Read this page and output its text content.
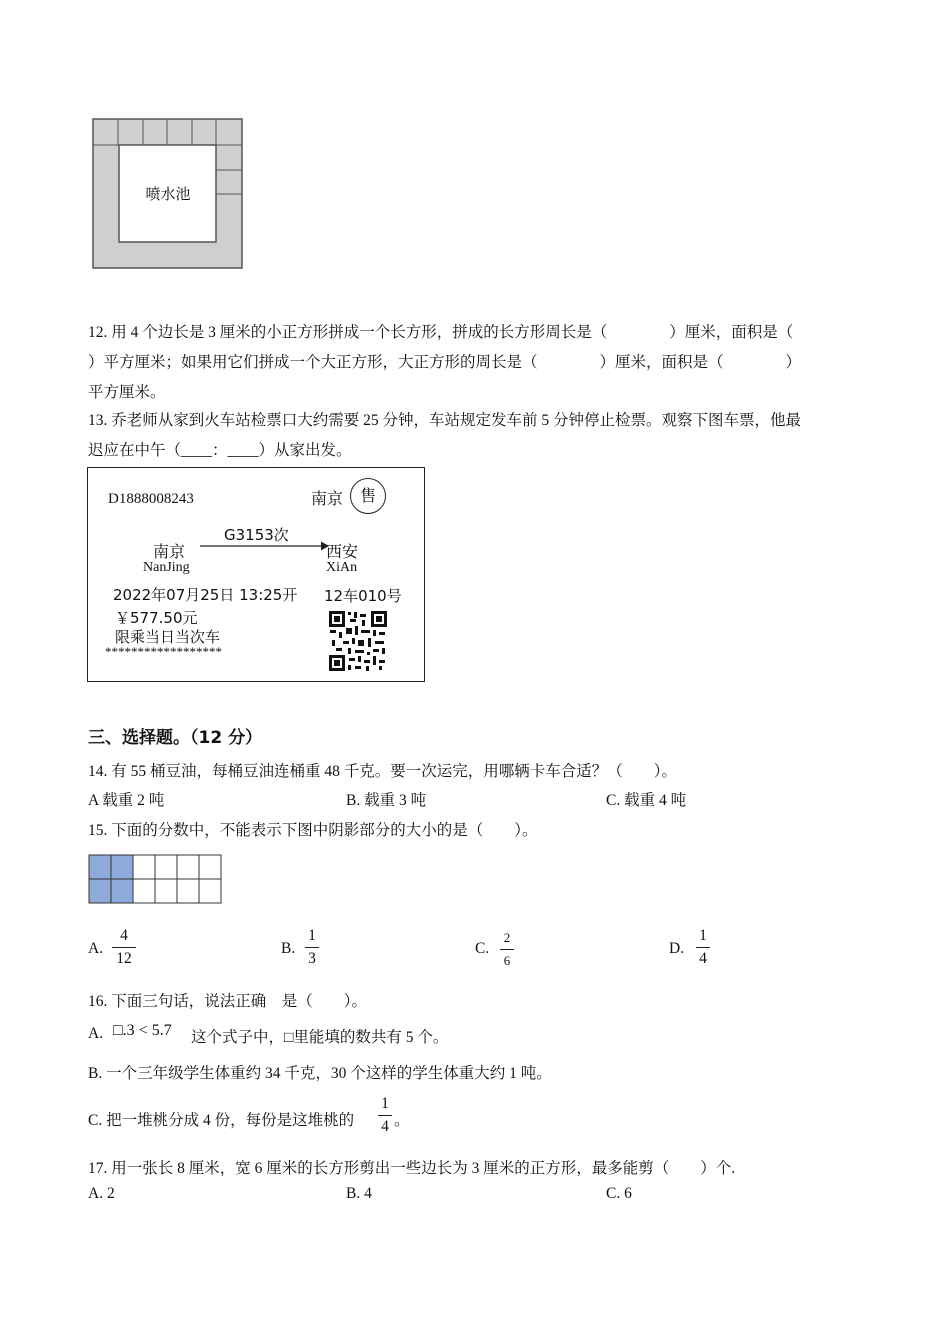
喷水池
12. 用 4 个边长是 3 厘米的小正方形拼成一个长方形，拼成的长方形周长是（　　　　）厘米，面积是（
）平方厘米；如果用它们拼成一个大正方形，大正方形的周长是（　　　　）厘米，面积是（　　　　）
平方厘米。
13. 乔老师从家到火车站检票口大约需要 25 分钟，车站规定发车前 5 分钟停止检票。观察下图车票，他最
迟应在中午（____：____）从家出发。
D1888008243	南京	售
G3153次
南京
NanJing
西安
XiAn
2022年07月25日 13:25开 12车010号
￥577.50元
限乘当日当次车
******************
三、选择题。（12 分）
14. 有 55 桶豆油，每桶豆油连桶重 48 千克。要一次运完，用哪辆卡车合适？（　　）。
A 载重 2 吨	B. 载重 3 吨	C. 载重 4 吨
15. 下面的分数中，不能表示下图中阴影部分的大小的是（　　）。
A.
4
12
B.
1
3
C.
2
6
D.
1
4
16. 下面三句话，说法正确　是（　　）。
A. □.3 < 5.7 这个式子中，□里能填的数共有 5 个。
B. 一个三年级学生体重约 34 千克，30 个这样的学生体重大约 1 吨。
C. 把一堆桃分成 4 份，每份是这堆桃的
1
4 。
17. 用一张长 8 厘米，宽 6 厘米的长方形剪出一些边长为 3 厘米的正方形，最多能剪（　　）个.
A. 2	B. 4	C. 6
